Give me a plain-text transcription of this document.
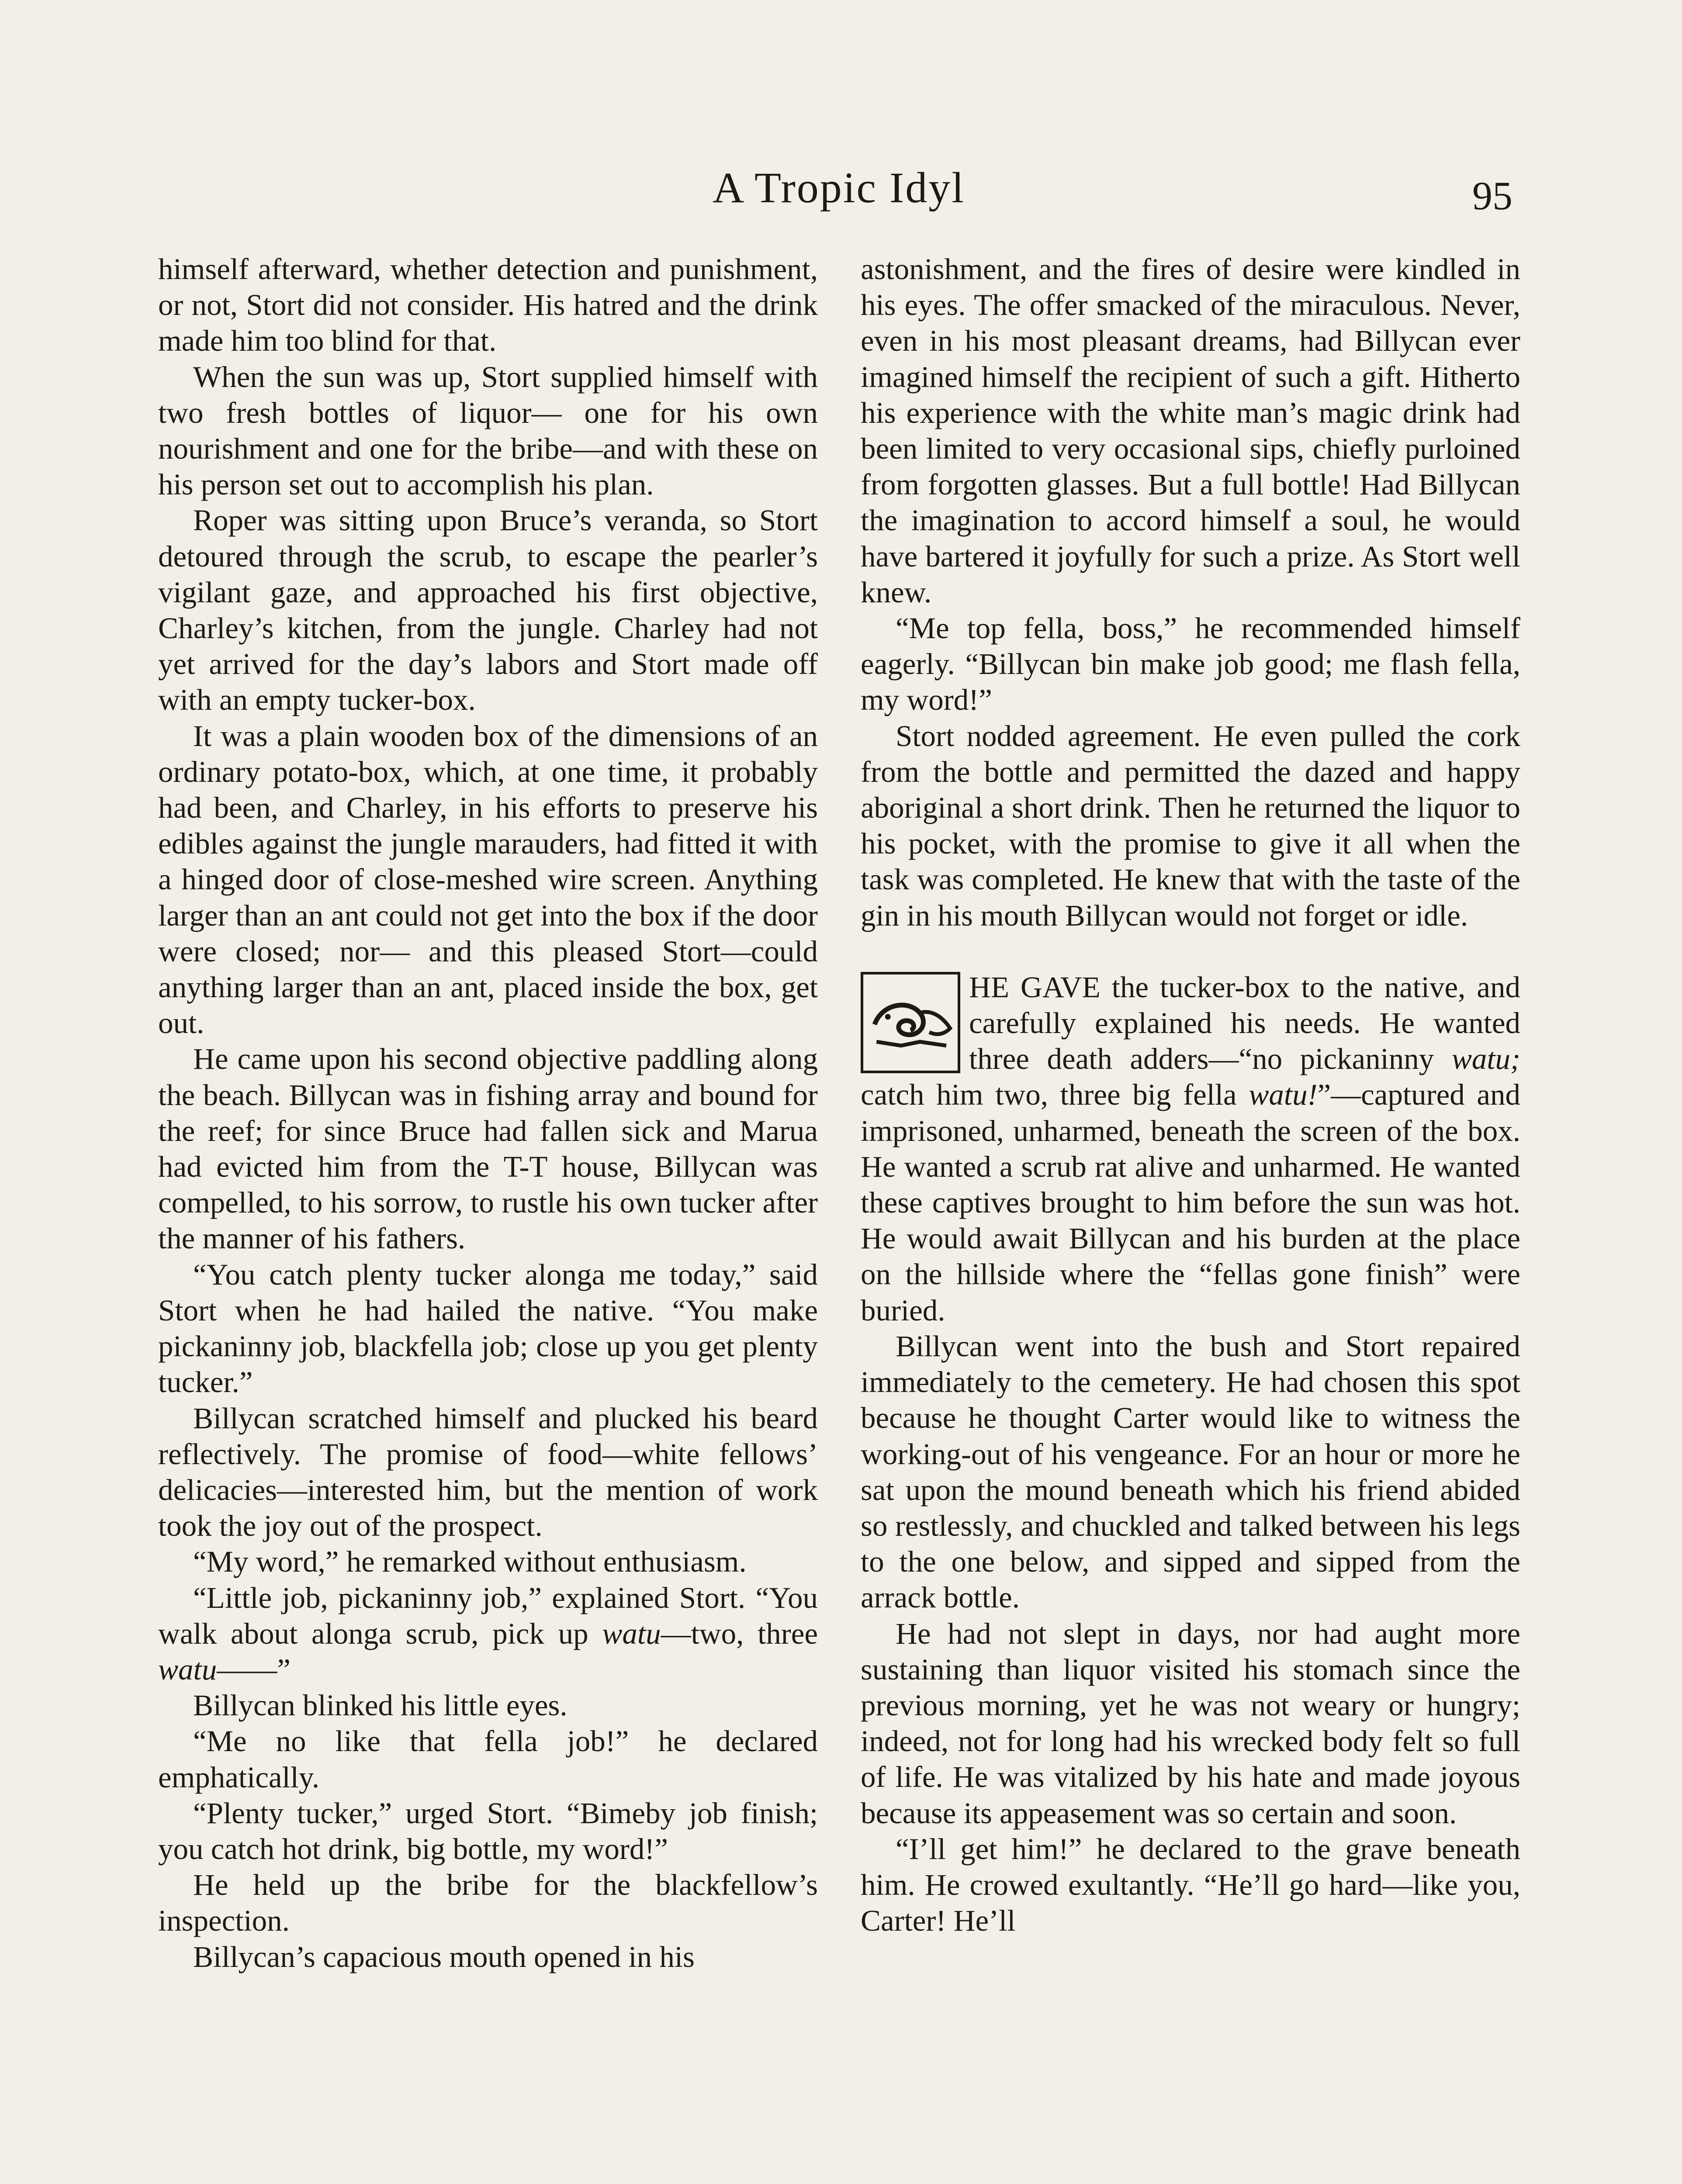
A Tropic Idyl	95

himself afterward, whether detection and punishment, or not, Stort did not consider. His hatred and the drink made him too blind for that.

When the sun was up, Stort supplied himself with two fresh bottles of liquor— one for his own nourishment and one for the bribe—and with these on his person set out to accomplish his plan.

Roper was sitting upon Bruce’s veranda, so Stort detoured through the scrub, to escape the pearler’s vigilant gaze, and approached his first objective, Charley’s kitchen, from the jungle. Charley had not yet arrived for the day’s labors and Stort made off with an empty tucker-box.

It was a plain wooden box of the dimensions of an ordinary potato-box, which, at one time, it probably had been, and Charley, in his efforts to preserve his edibles against the jungle marauders, had fitted it with a hinged door of close-meshed wire screen. Anything larger than an ant could not get into the box if the door were closed; nor— and this pleased Stort—could anything larger than an ant, placed inside the box, get out.

He came upon his second objective paddling along the beach. Billycan was in fishing array and bound for the reef; for since Bruce had fallen sick and Marua had evicted him from the T-T house, Billycan was compelled, to his sorrow, to rustle his own tucker after the manner of his fathers.

“You catch plenty tucker alonga me today,” said Stort when he had hailed the native. “You make pickaninny job, blackfella job; close up you get plenty tucker.”

Billycan scratched himself and plucked his beard reflectively. The promise of food—white fellows’ delicacies—interested him, but the mention of work took the joy out of the prospect.

“My word,” he remarked without enthusiasm.

“Little job, pickaninny job,” explained Stort. “You walk about alonga scrub, pick up watu—two, three watu——”

Billycan blinked his little eyes.

“Me no like that fella job!” he declared emphatically.

“Plenty tucker,” urged Stort. “Bimeby job finish; you catch hot drink, big bottle, my word!”

He held up the bribe for the blackfellow’s inspection.

Billycan’s capacious mouth opened in his

astonishment, and the fires of desire were kindled in his eyes. The offer smacked of the miraculous. Never, even in his most pleasant dreams, had Billycan ever imagined himself the recipient of such a gift. Hitherto his experience with the white man’s magic drink had been limited to very occasional sips, chiefly purloined from forgotten glasses. But a full bottle! Had Billycan the imagination to accord himself a soul, he would have bartered it joyfully for such a prize. As Stort well knew.

“Me top fella, boss,” he recommended himself eagerly. “Billycan bin make job good; me flash fella, my word!”

Stort nodded agreement. He even pulled the cork from the bottle and permitted the dazed and happy aboriginal a short drink. Then he returned the liquor to his pocket, with the promise to give it all when the task was completed. He knew that with the taste of the gin in his mouth Billycan would not forget or idle.

HE GAVE the tucker-box to the native, and carefully explained his needs. He wanted three death adders—“no pickaninny watu; catch him two, three big fella watu!”—captured and imprisoned, unharmed, beneath the screen of the box. He wanted a scrub rat alive and unharmed. He wanted these captives brought to him before the sun was hot. He would await Billycan and his burden at the place on the hillside where the “fellas gone finish” were buried.

Billycan went into the bush and Stort repaired immediately to the cemetery. He had chosen this spot because he thought Carter would like to witness the working-out of his vengeance. For an hour or more he sat upon the mound beneath which his friend abided so restlessly, and chuckled and talked between his legs to the one below, and sipped and sipped from the arrack bottle.

He had not slept in days, nor had aught more sustaining than liquor visited his stomach since the previous morning, yet he was not weary or hungry; indeed, not for long had his wrecked body felt so full of life. He was vitalized by his hate and made joyous because its appeasement was so certain and soon.

“I’ll get him!” he declared to the grave beneath him. He crowed exultantly. “He’ll go hard—like you, Carter! He’ll
